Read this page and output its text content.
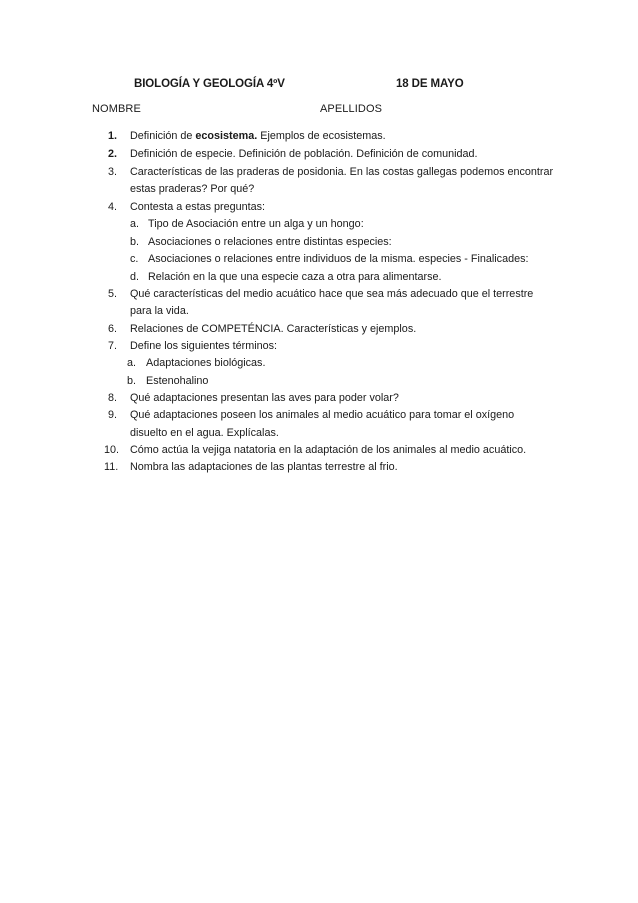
BIOLOGÍA Y GEOLOGÍA 4ºV	18 DE MAYO
NOMBRE	APELLIDOS
1.	Definición de ecosistema. Ejemplos de ecosistemas.
2.	Definición de especie. Definición de población. Definición de comunidad.
3.	Características de las praderas de posidonia. En las costas gallegas podemos encontrar
estas praderas? Por qué?
4.	Contesta a estas preguntas:
a. Tipo de Asociación entre un alga y un hongo:
b. Asociaciones o relaciones entre distintas especies:
c. Asociaciones o relaciones entre individuos de la misma. especies - Finalicades:
d. Relación en la que una especie caza a otra para alimentarse.
5.	Qué características del medio acuático hace que sea más adecuado que el terrestre
para la vida.
6.	Relaciones de COMPETÉNCIA. Características y ejemplos.
7.	Define los siguientes términos:
a. Adaptaciones biológicas.
b. Estenohalino
8.	Qué adaptaciones presentan las aves para poder volar?
9.	Qué adaptaciones poseen los animales al medio acuático para tomar el oxígeno
disuelto en el agua. Explícalas.
10.	Cómo actúa la vejiga natatoria en la adaptación de los animales al medio acuático.
11.	Nombra las adaptaciones de las plantas terrestre al frio.
